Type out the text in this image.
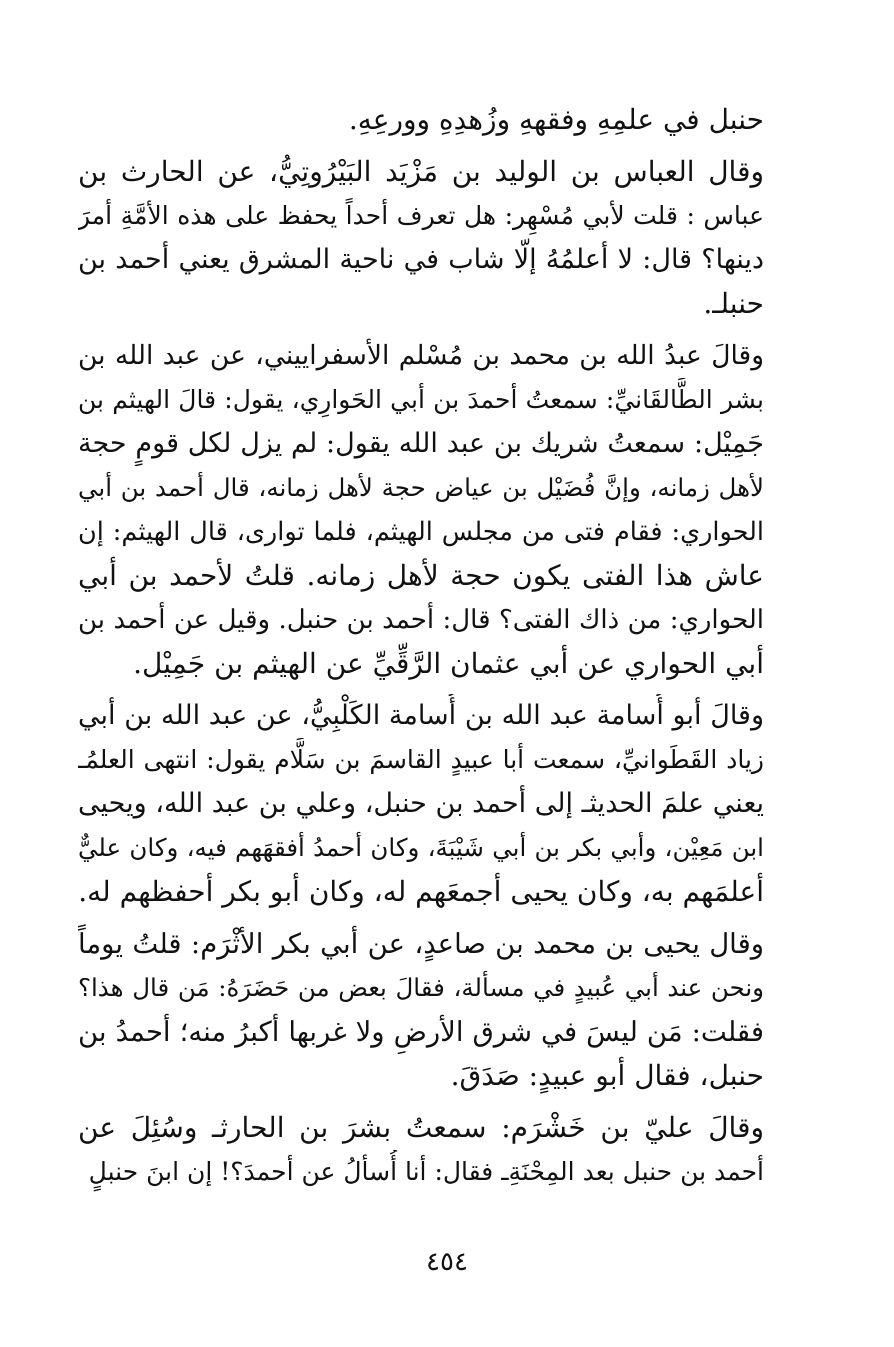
حنبل في علمِهِ وفقههِ وزُهدِهِ وورعِهِ.
وقال العباس بن الوليد بن مَزْيَد البَيْرُوتِيُّ، عن الحارث بن
عباس : قلت لأبي مُسْهِر: هل تعرف أحداً يحفظ على هذه الأمَّةِ أمرَ
دينها؟ قال: لا أعلمُهُ إلَّا شاب في ناحية المشرق يعني أحمد بن
حنبلـ.
وقالَ عبدُ الله بن محمد بن مُسْلم الأسفراييني، عن عبد الله بن
بشر الطَّالقَانيِّ: سمعتُ أحمدَ بن أبي الحَوارِي، يقول: قالَ الهيثم بن
جَمِيْل: سمعتُ شريك بن عبد الله يقول: لم يزل لكل قومٍ حجة
لأهل زمانه، وإنَّ فُضَيْل بن عياض حجة لأهل زمانه، قال أحمد بن أبي
الحواري: فقام فتى من مجلس الهيثم، فلما توارى، قال الهيثم: إن
عاش هذا الفتى يكون حجة لأهل زمانه. قلتُ لأحمد بن أبي
الحواري: من ذاك الفتى؟ قال: أحمد بن حنبل. وقيل عن أحمد بن
أبي الحواري عن أبي عثمان الرَّقِّيِّ عن الهيثم بن جَمِيْل.
وقالَ أبو أُسامة عبد الله بن أُسامة الكَلْبِيُّ، عن عبد الله بن أبي
زياد القَطَوانيِّ، سمعت أبا عبيدٍ القاسمَ بن سَلَّام يقول: انتهى العلمُـ
يعني علمَ الحديثـ إلى أحمد بن حنبل، وعلي بن عبد الله، ويحيى
ابن مَعِيْن، وأبي بكر بن أبي شَيْبَةَ، وكان أحمدُ أفقهَهم فيه، وكان عليٌّ
أعلمَهم به، وكان يحيى أجمعَهم له، وكان أبو بكر أحفظهم له.
وقال يحيى بن محمد بن صاعدٍ، عن أبي بكر الأثْرَم: قلتُ يوماً
ونحن عند أبي عُبيدٍ في مسألة، فقالَ بعض من حَضَرَهُ: مَن قال هذا؟
فقلت: مَن ليسَ في شرق الأرضِ ولا غربها أكبرُ منه؛ أحمدُ بن
حنبل، فقال أبو عبيدٍ: صَدَقَ.
وقالَ عليّ بن خَشْرَم: سمعتُ بشرَ بن الحارثـ وسُئِلَ عن
أحمد بن حنبل بعد المِحْنَةِـ فقال: أنا أُسألُ عن أحمدَ؟! إن ابنَ حنبلٍ
٤٥٤
